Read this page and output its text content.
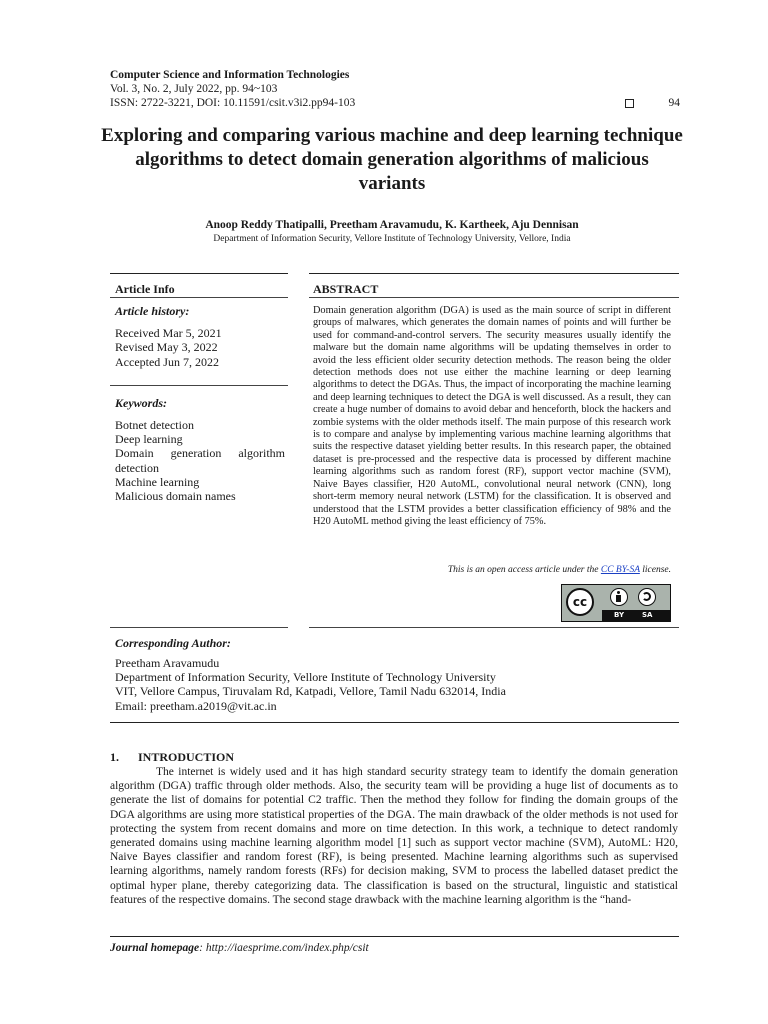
Computer Science and Information Technologies
Vol. 3, No. 2, July 2022, pp. 94~103
ISSN: 2722-3221, DOI: 10.11591/csit.v3i2.pp94-103	94
Exploring and comparing various machine and deep learning technique algorithms to detect domain generation algorithms of malicious variants
Anoop Reddy Thatipalli, Preetham Aravamudu, K. Kartheek, Aju Dennisan
Department of Information Security, Vellore Institute of Technology University, Vellore, India
Article Info	ABSTRACT
Article history:
Received Mar 5, 2021
Revised May 3, 2022
Accepted Jun 7, 2022
Keywords:
Botnet detection
Deep learning
Domain generation algorithm detection
Machine learning
Malicious domain names
Domain generation algorithm (DGA) is used as the main source of script in different groups of malwares, which generates the domain names of points and will further be used for command-and-control servers. The security measures usually identify the malware but the domain name algorithms will be updating themselves in order to avoid the less efficient older security detection methods. The reason being the older detection methods does not use either the machine learning or deep learning algorithms to detect the DGAs. Thus, the impact of incorporating the machine learning and deep learning techniques to detect the DGA is well discussed. As a result, they can create a huge number of domains to avoid debar and henceforth, block the hackers and zombie systems with the older methods itself. The main purpose of this research work is to compare and analyse by implementing various machine learning algorithms that suits the respective dataset yielding better results. In this research paper, the obtained dataset is pre-processed and the respective data is processed by different machine learning algorithms such as random forest (RF), support vector machine (SVM), Naive Bayes classifier, H20 AutoML, convolutional neural network (CNN), long short-term memory neural network (LSTM) for the classification. It is observed and understood that the LSTM provides a better classification efficiency of 98% and the H20 AutoML method giving the least efficiency of 75%.
This is an open access article under the CC BY-SA license.
cc
BY	SA
Corresponding Author:
Preetham Aravamudu
Department of Information Security, Vellore Institute of Technology University
VIT, Vellore Campus, Tiruvalam Rd, Katpadi, Vellore, Tamil Nadu 632014, India
Email: preetham.a2019@vit.ac.in
1. INTRODUCTION
The internet is widely used and it has high standard security strategy team to identify the domain generation algorithm (DGA) traffic through older methods. Also, the security team will be providing a huge list of documents as to generate the list of domains for potential C2 traffic. Then the method they follow for finding the domain groups of the DGA algorithms are using more statistical properties of the DGA. The main drawback of the older methods is not used for protecting the system from recent domains and more on time detection. In this work, a technique to detect randomly generated domains using machine learning algorithm model [1] such as support vector machine (SVM), AutoML: H20, Naive Bayes classifier and random forest (RF), is being presented. Machine learning algorithms such as supervised learning algorithms, namely random forests (RFs) for decision making, SVM to process the labelled dataset predict the optimal hyper plane, thereby categorizing data. The classification is based on the structural, linguistic and statistical features of the respective domains. The second stage drawback with the machine learning algorithm is the “hand-
Journal homepage: http://iaesprime.com/index.php/csit
